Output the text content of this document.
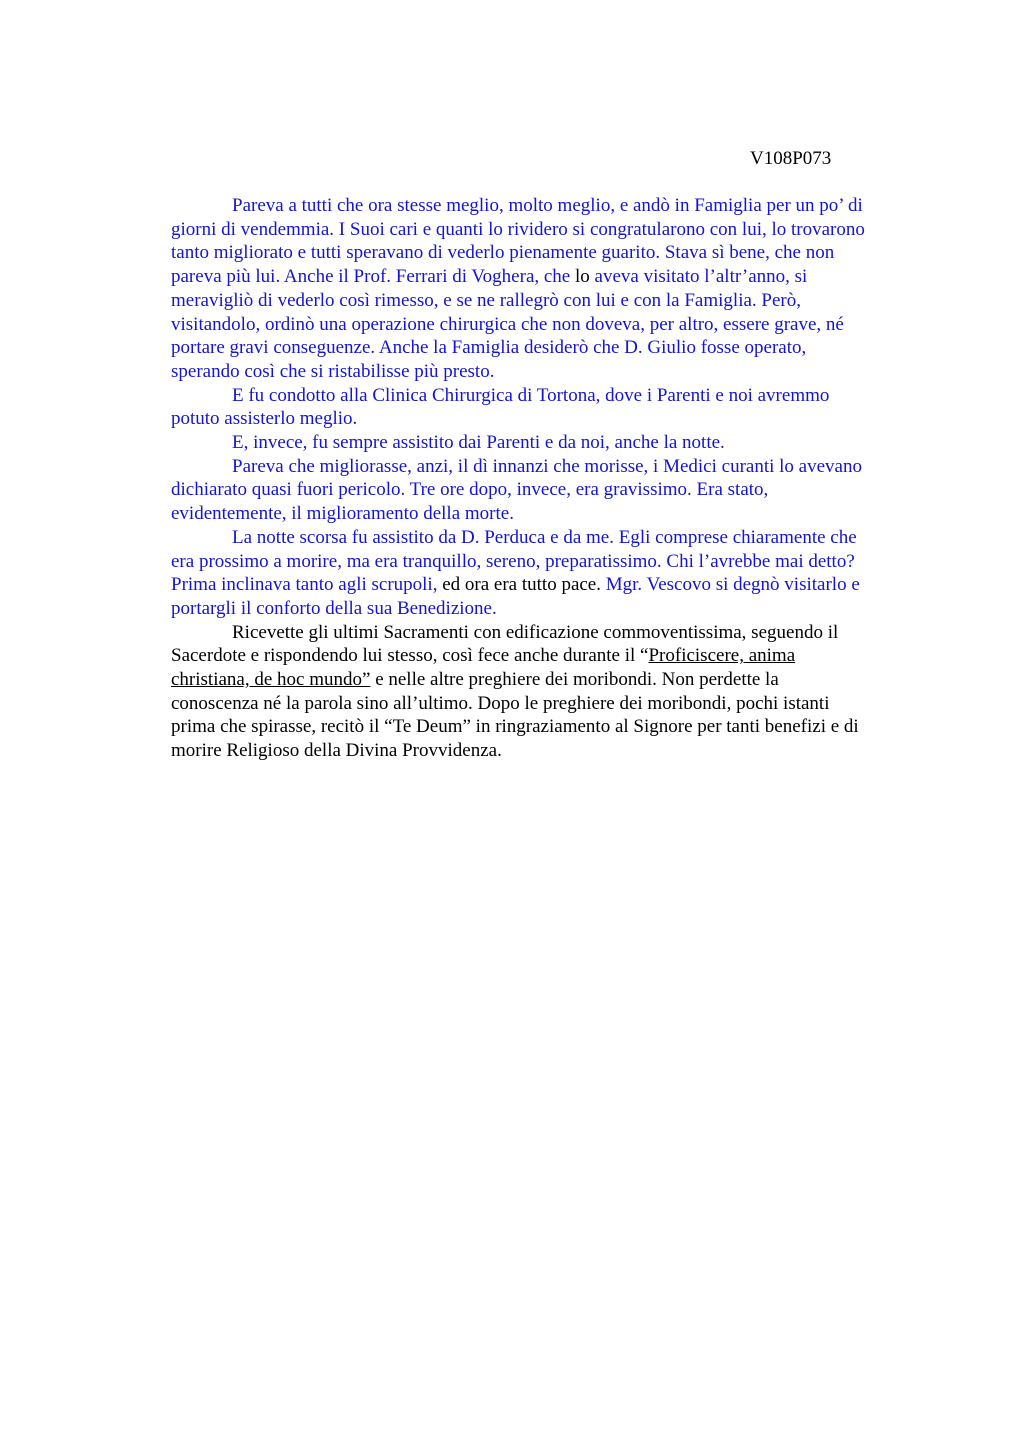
V108P073

Pareva a tutti che ora stesse meglio, molto meglio, e andò in Famiglia per un po’ di
giorni di vendemmia. I Suoi cari e quanti lo rividero si congratularono con lui, lo trovarono
tanto migliorato e tutti speravano di vederlo pienamente guarito. Stava sì bene, che non
pareva più lui. Anche il Prof. Ferrari di Voghera, che lo aveva visitato l’altr’anno, si
meravigliò di vederlo così rimesso, e se ne rallegrò con lui e con la Famiglia. Però,
visitandolo, ordinò una operazione chirurgica che non doveva, per altro, essere grave, né
portare gravi conseguenze. Anche la Famiglia desiderò che D. Giulio fosse operato,
sperando così che si ristabilisse più presto.

E fu condotto alla Clinica Chirurgica di Tortona, dove i Parenti e noi avremmo
potuto assisterlo meglio.

E, invece, fu sempre assistito dai Parenti e da noi, anche la notte.

Pareva che migliorasse, anzi, il dì innanzi che morisse, i Medici curanti lo avevano
dichiarato quasi fuori pericolo. Tre ore dopo, invece, era gravissimo. Era stato,
evidentemente, il miglioramento della morte.

La notte scorsa fu assistito da D. Perduca e da me. Egli comprese chiaramente che
era prossimo a morire, ma era tranquillo, sereno, preparatissimo. Chi l’avrebbe mai detto?
Prima inclinava tanto agli scrupoli, ed ora era tutto pace. Mgr. Vescovo si degnò visitarlo e
portargli il conforto della sua Benedizione.

Ricevette gli ultimi Sacramenti con edificazione commoventissima, seguendo il
Sacerdote e rispondendo lui stesso, così fece anche durante il “Proficiscere, anima
christiana, de hoc mundo” e nelle altre preghiere dei moribondi. Non perdette la
conoscenza né la parola sino all’ultimo. Dopo le preghiere dei moribondi, pochi istanti
prima che spirasse, recitò il “Te Deum” in ringraziamento al Signore per tanti benefizi e di
morire Religioso della Divina Provvidenza.
